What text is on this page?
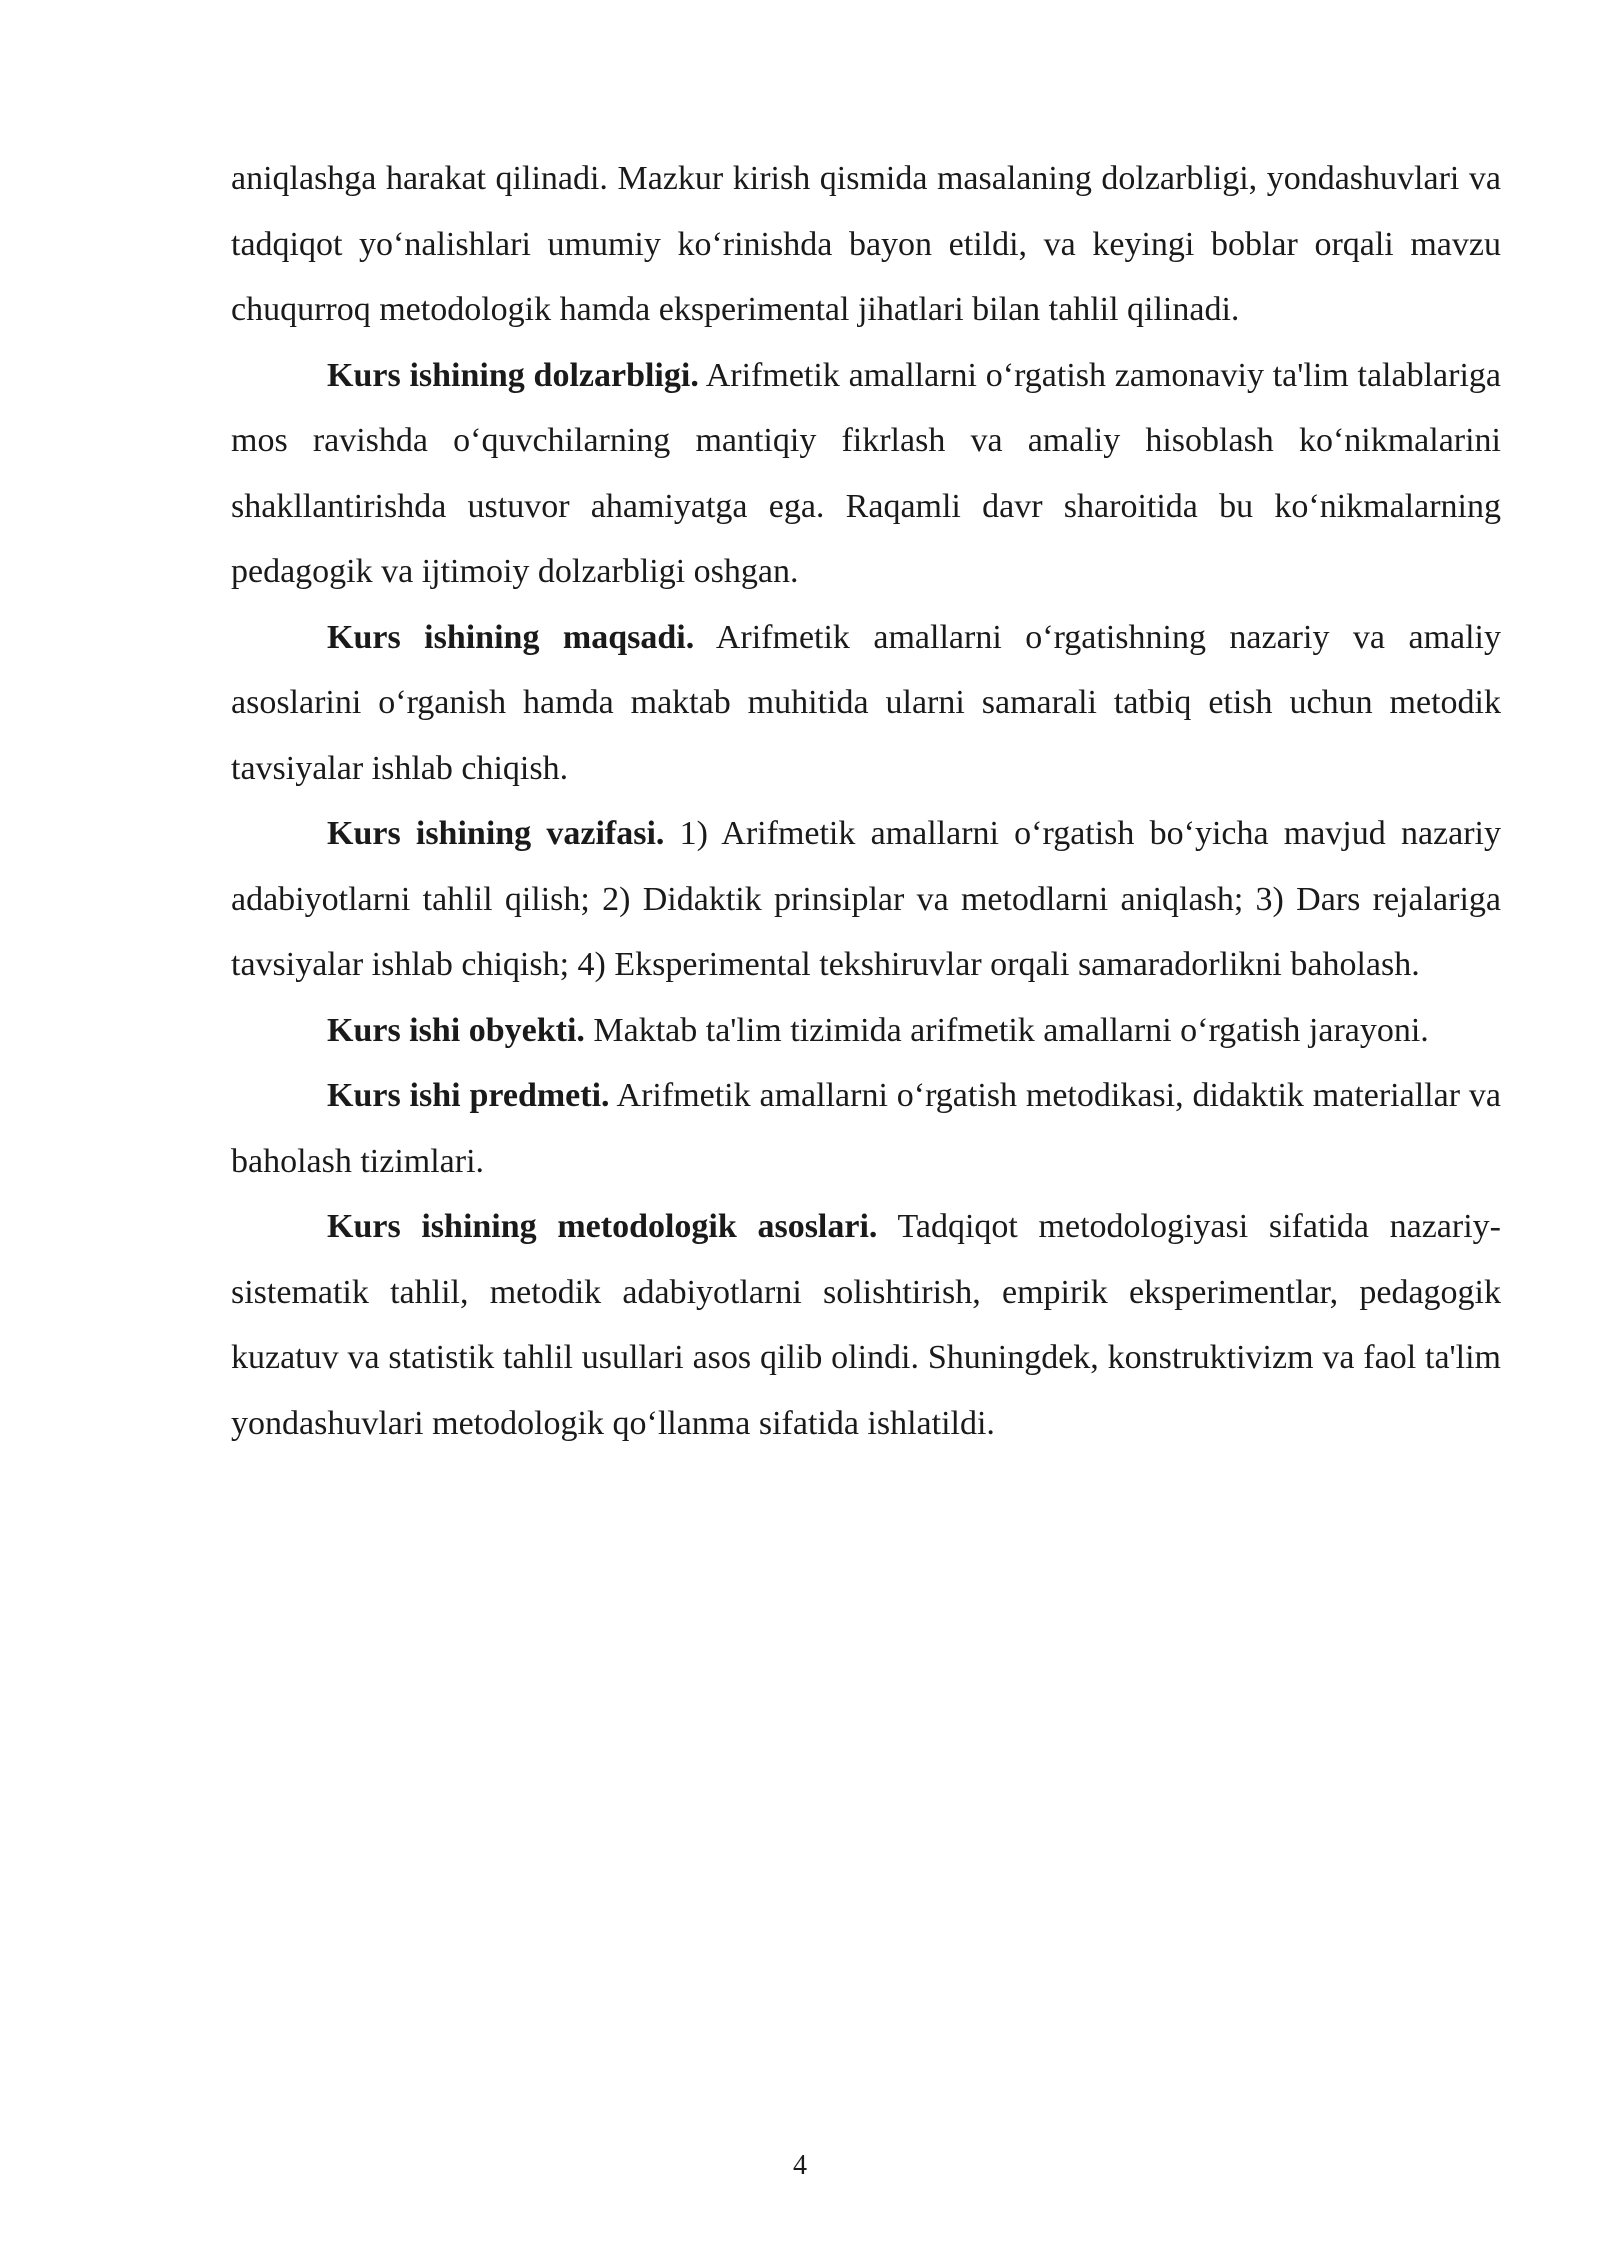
aniqlashga harakat qilinadi. Mazkur kirish qismida masalaning dolzarbligi, yondashuvlari va tadqiqot yo‘nalishlari umumiy ko‘rinishda bayon etildi, va keyingi boblar orqali mavzu chuqurroq metodologik hamda eksperimental jihatlari bilan tahlil qilinadi.

Kurs ishining dolzarbligi. Arifmetik amallarni o‘rgatish zamonaviy ta'lim talablariga mos ravishda o‘quvchilarning mantiqiy fikrlash va amaliy hisoblash ko‘nikmalarini shakllantirishda ustuvor ahamiyatga ega. Raqamli davr sharoitida bu ko‘nikmalarning pedagogik va ijtimoiy dolzarbligi oshgan.

Kurs ishining maqsadi. Arifmetik amallarni o‘rgatishning nazariy va amaliy asoslarini o‘rganish hamda maktab muhitida ularni samarali tatbiq etish uchun metodik tavsiyalar ishlab chiqish.

Kurs ishining vazifasi. 1) Arifmetik amallarni o‘rgatish bo‘yicha mavjud nazariy adabiyotlarni tahlil qilish; 2) Didaktik prinsiplar va metodlarni aniqlash; 3) Dars rejalariga tavsiyalar ishlab chiqish; 4) Eksperimental tekshiruvlar orqali samaradorlikni baholash.

Kurs ishi obyekti. Maktab ta'lim tizimida arifmetik amallarni o‘rgatish jarayoni.

Kurs ishi predmeti. Arifmetik amallarni o‘rgatish metodikasi, didaktik materiallar va baholash tizimlari.

Kurs ishining metodologik asoslari. Tadqiqot metodologiyasi sifatida nazariy-sistematik tahlil, metodik adabiyotlarni solishtirish, empirik eksperimentlar, pedagogik kuzatuv va statistik tahlil usullari asos qilib olindi. Shuningdek, konstruktivizm va faol ta'lim yondashuvlari metodologik qo‘llanma sifatida ishlatildi.

4
